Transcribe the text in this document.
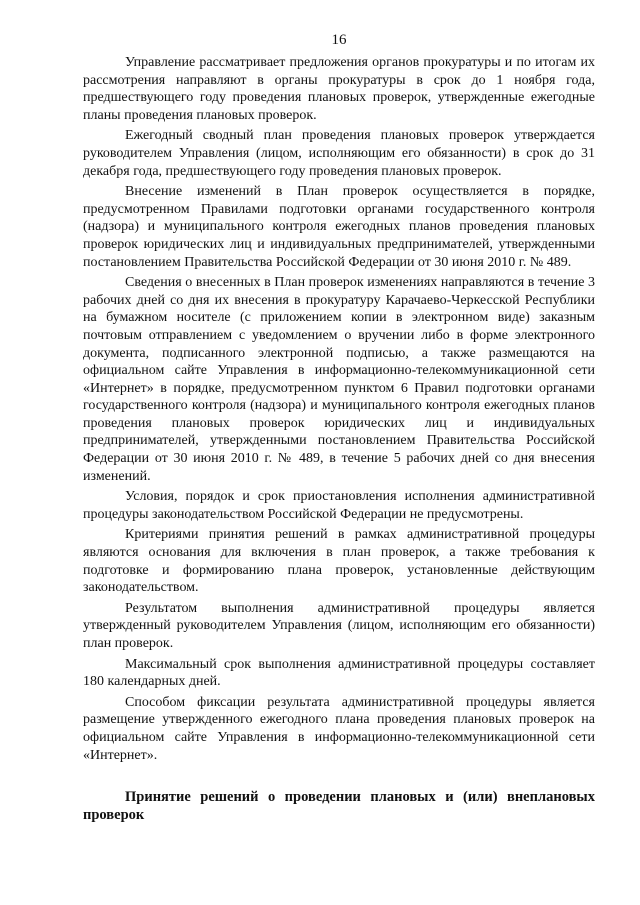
16

Управление рассматривает предложения органов прокуратуры и по итогам их рассмотрения направляют в органы прокуратуры в срок до 1 ноября года, предшествующего году проведения плановых проверок, утвержденные ежегодные планы проведения плановых проверок.

Ежегодный сводный план проведения плановых проверок утверждается руководителем Управления (лицом, исполняющим его обязанности) в срок до 31 декабря года, предшествующего году проведения плановых проверок.

Внесение изменений в План проверок осуществляется в порядке, предусмотренном Правилами подготовки органами государственного контроля (надзора) и муниципального контроля ежегодных планов проведения плановых проверок юридических лиц и индивидуальных предпринимателей, утвержденными постановлением Правительства Российской Федерации от 30 июня 2010 г. № 489.

Сведения о внесенных в План проверок изменениях направляются в течение 3 рабочих дней со дня их внесения в прокуратуру Карачаево-Черкесской Республики на бумажном носителе (с приложением копии в электронном виде) заказным почтовым отправлением с уведомлением о вручении либо в форме электронного документа, подписанного электронной подписью, а также размещаются на официальном сайте Управления в информационно-телекоммуникационной сети «Интернет» в порядке, предусмотренном пунктом 6 Правил подготовки органами государственного контроля (надзора) и муниципального контроля ежегодных планов проведения плановых проверок юридических лиц и индивидуальных предпринимателей, утвержденными постановлением Правительства Российской Федерации от 30 июня 2010 г. № 489, в течение 5 рабочих дней со дня внесения изменений.

Условия, порядок и срок приостановления исполнения административной процедуры законодательством Российской Федерации не предусмотрены.

Критериями принятия решений в рамках административной процедуры являются основания для включения в план проверок, а также требования к подготовке и формированию плана проверок, установленные действующим законодательством.

Результатом выполнения административной процедуры является утвержденный руководителем Управления (лицом, исполняющим его обязанности) план проверок.

Максимальный срок выполнения административной процедуры составляет 180 календарных дней.

Способом фиксации результата административной процедуры является размещение утвержденного ежегодного плана проведения плановых проверок на официальном сайте Управления в информационно-телекоммуникационной сети «Интернет».

Принятие решений о проведении плановых и (или) внеплановых проверок
